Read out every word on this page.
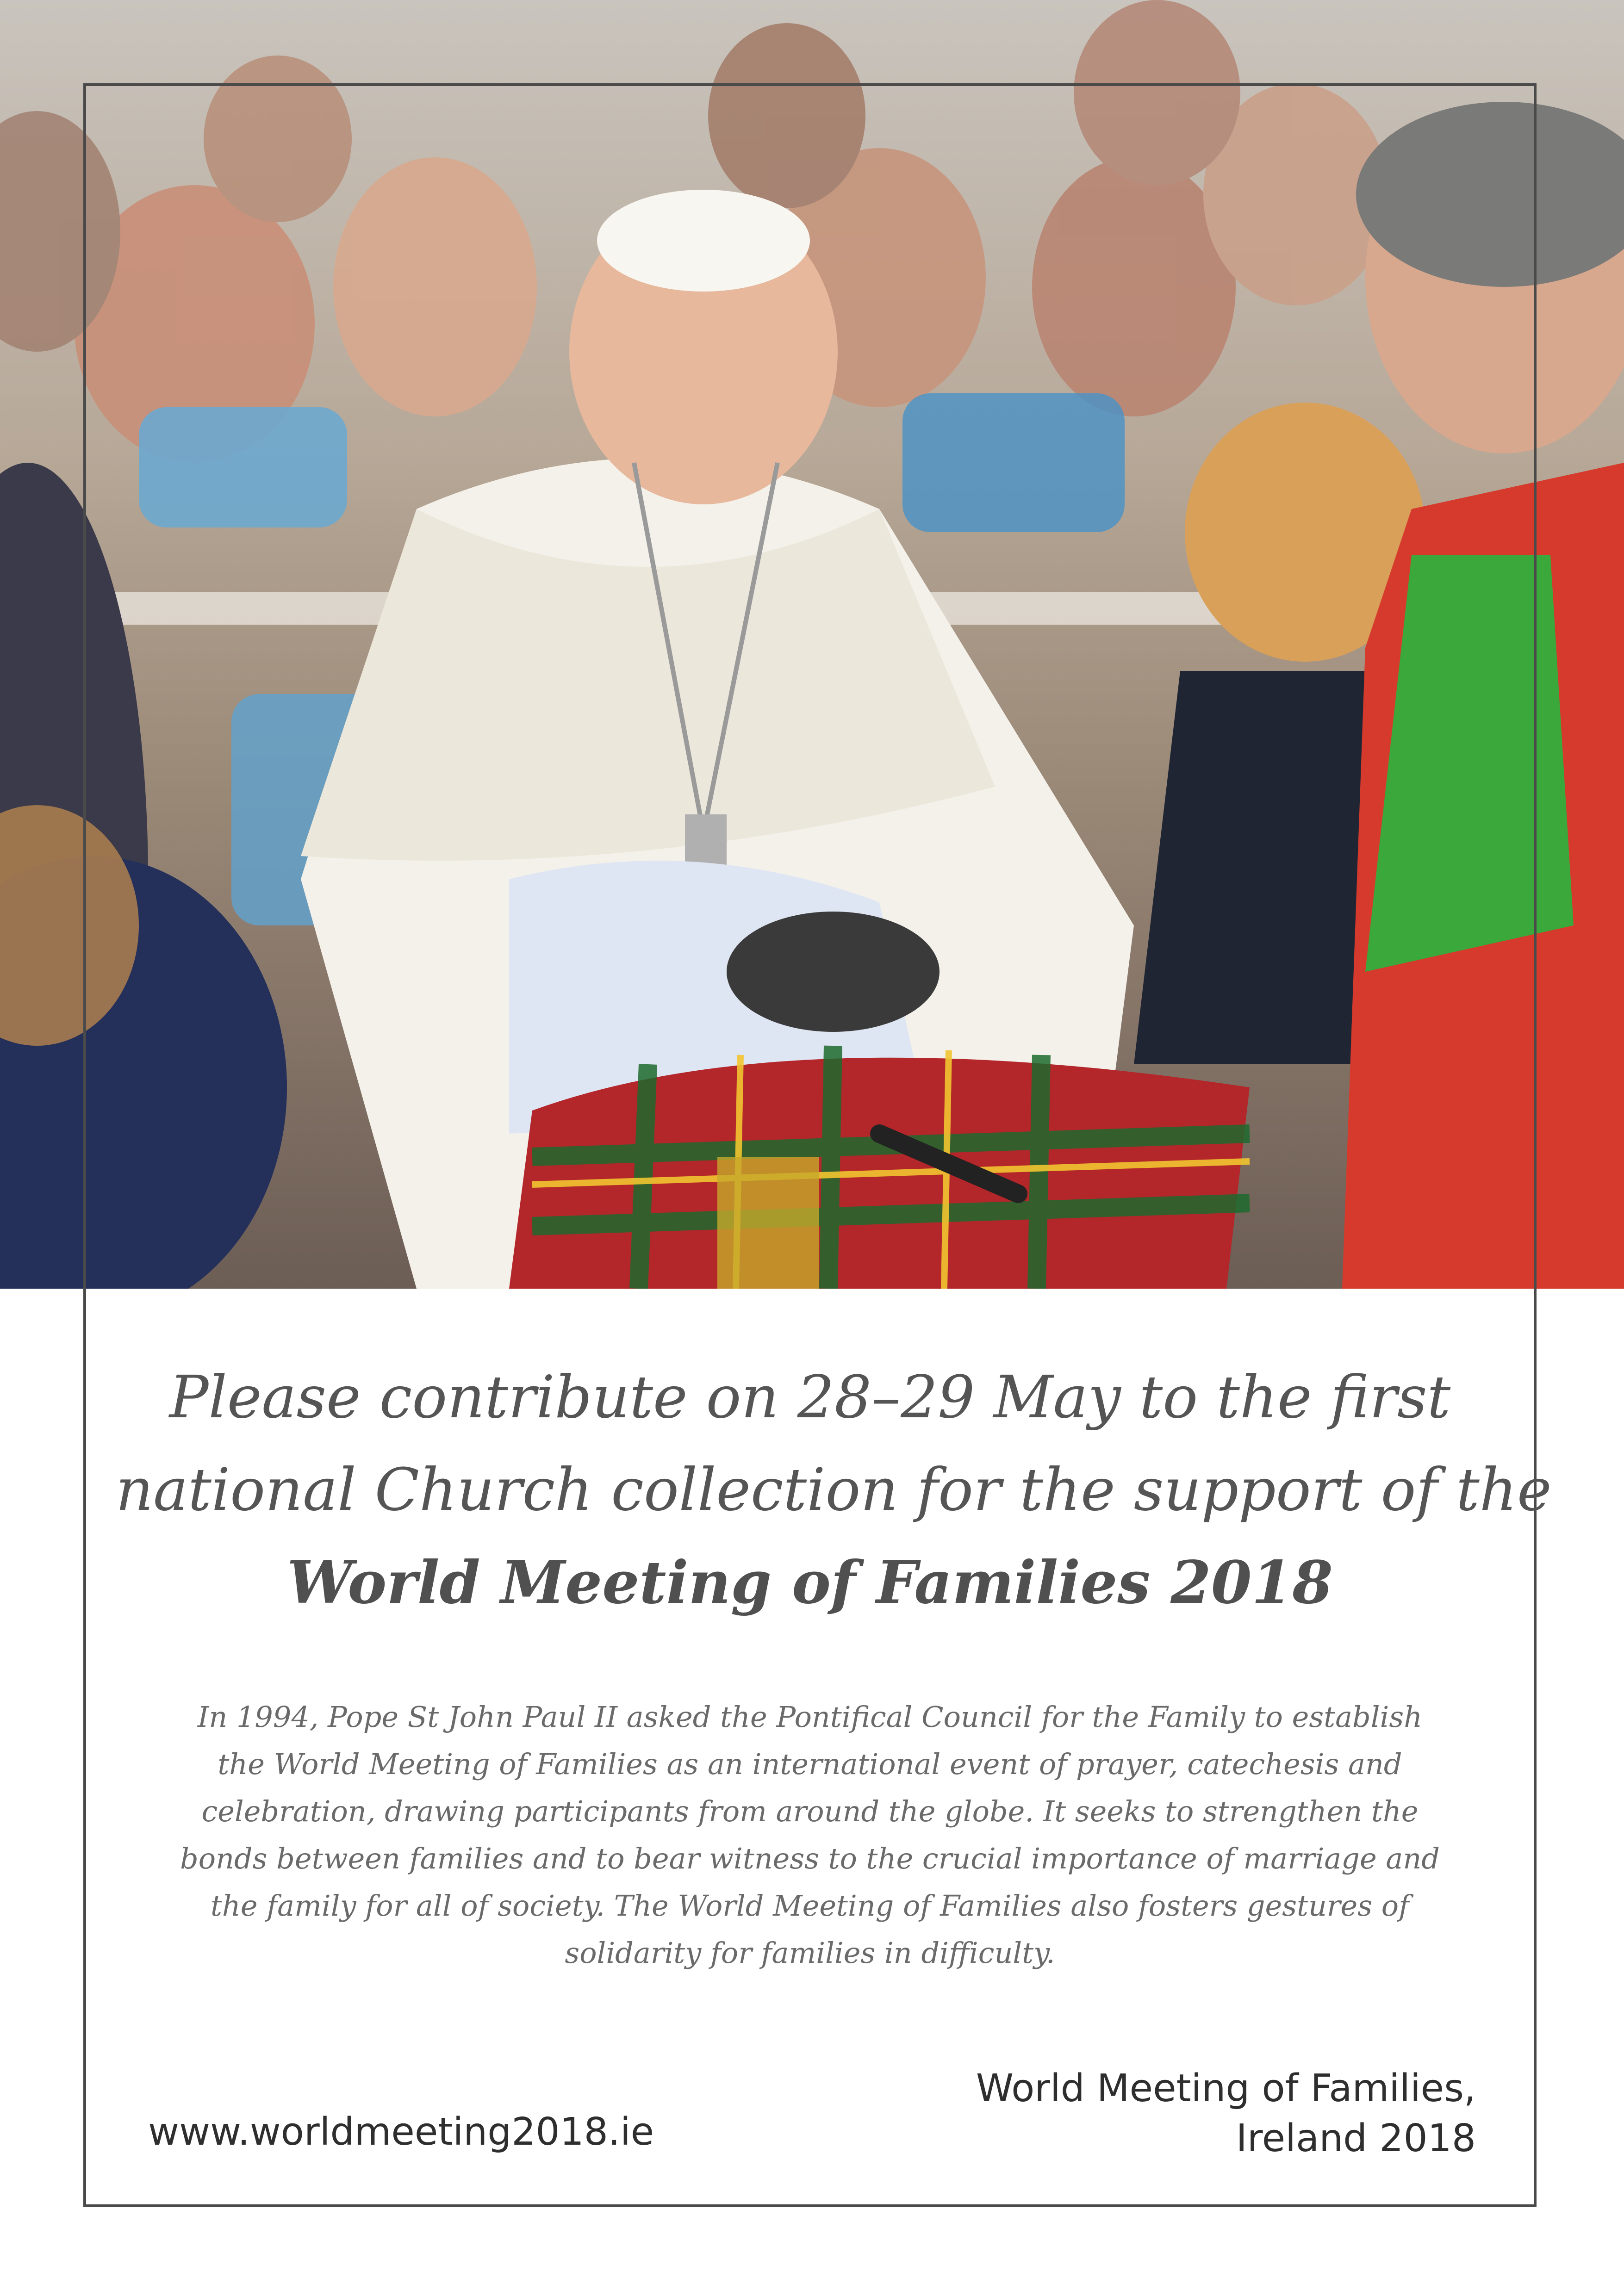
Please contribute on 28–29 May to the first
national Church collection for the support of the
World Meeting of Families 2018
In 1994, Pope St John Paul II asked the Pontifical Council for the Family to establish
the World Meeting of Families as an international event of prayer, catechesis and
celebration, drawing participants from around the globe. It seeks to strengthen the
bonds between families and to bear witness to the crucial importance of marriage and
the family for all of society. The World Meeting of Families also fosters gestures of
solidarity for families in difficulty.
www.worldmeeting2018.ie
World Meeting of Families,
Ireland 2018
